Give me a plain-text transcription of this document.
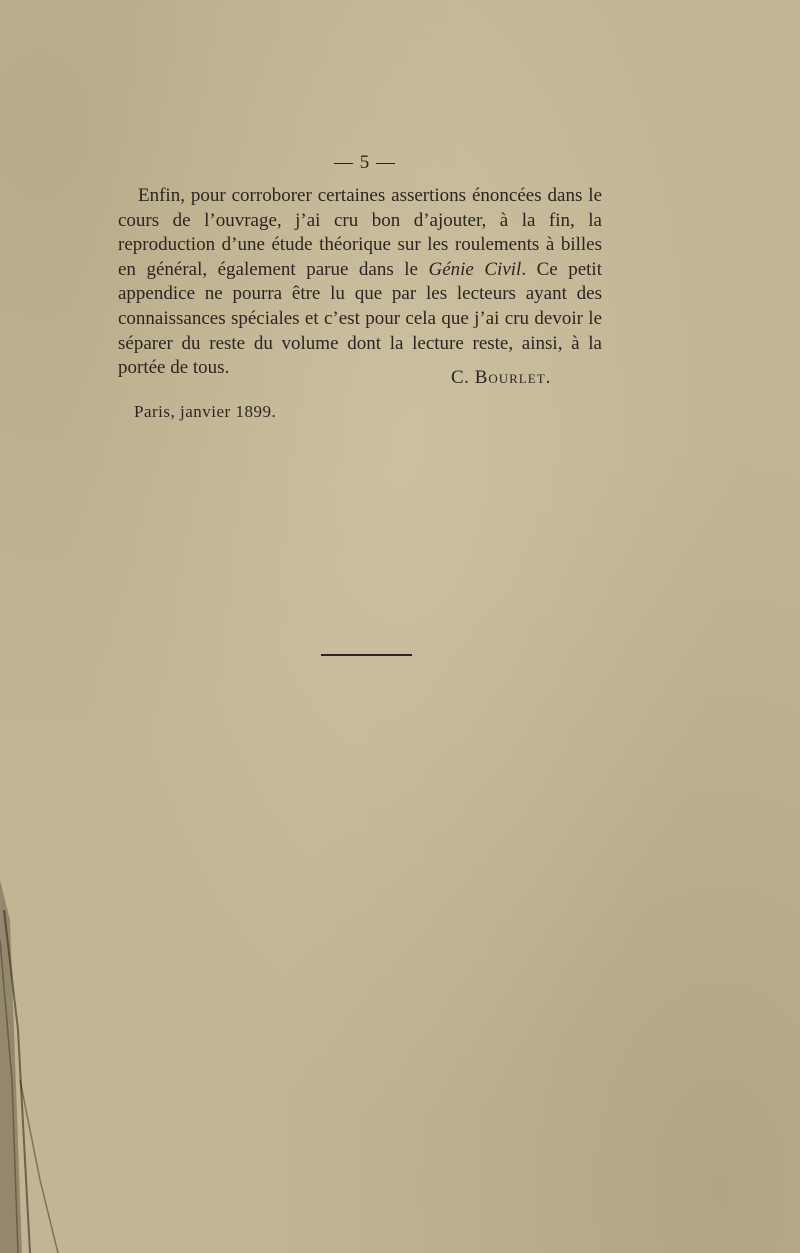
— 5 —

Enfin, pour corroborer certaines assertions énoncées dans le cours de l’ouvrage, j’ai cru bon d’ajouter, à la fin, la reproduction d’une étude théorique sur les roulements à billes en général, également parue dans le Génie Civil. Ce petit appendice ne pourra être lu que par les lecteurs ayant des connaissances spéciales et c’est pour cela que j’ai cru devoir le séparer du reste du volume dont la lecture reste, ainsi, à la portée de tous.	C. Bourlet.
Paris, janvier 1899.
